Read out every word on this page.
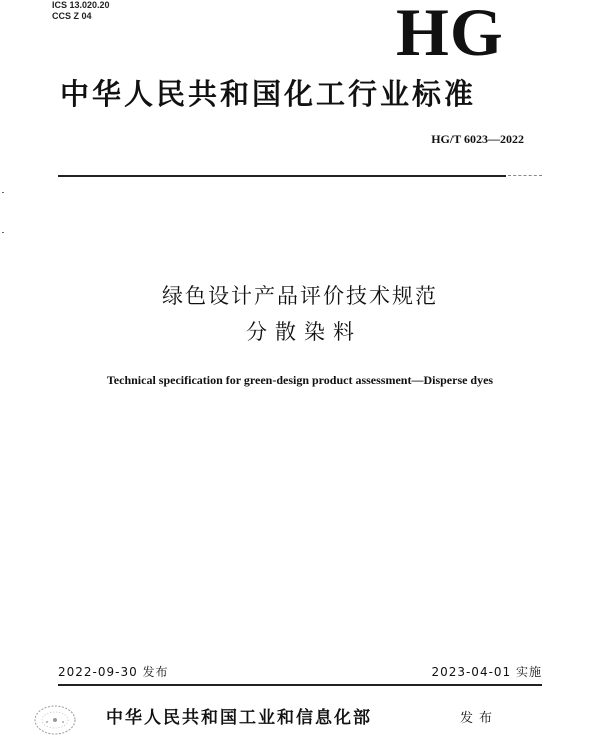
ICS 13.020.20
CCS Z 04	HG
中华人民共和国化工行业标准
HG/T 6023—2022
绿色设计产品评价技术规范
分散染料
Technical specification for green-design product assessment—Disperse dyes
2022-09-30 发布	2023-04-01 实施
中华人民共和国工业和信息化部	发布
